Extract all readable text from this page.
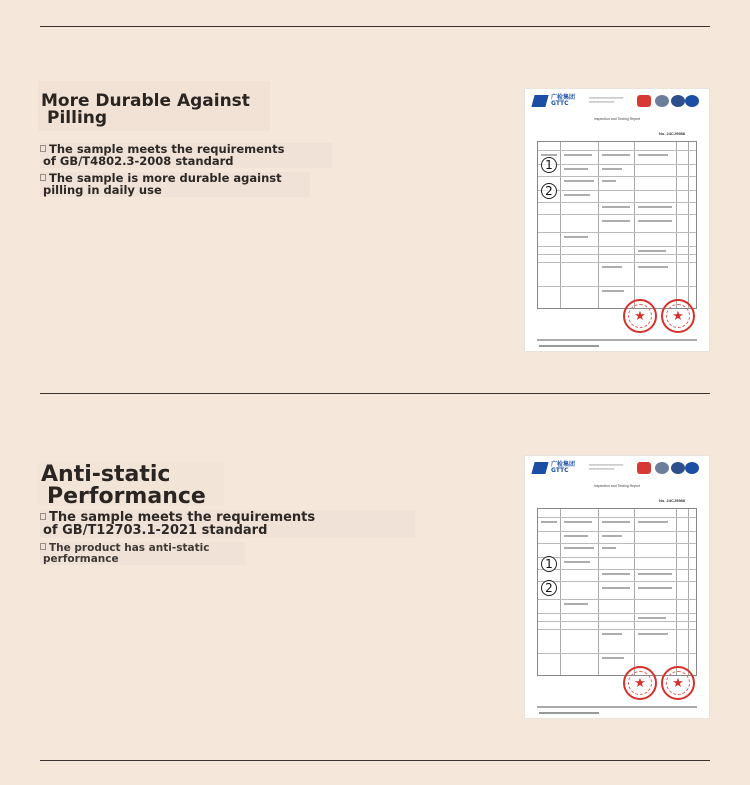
More Durable Against
Pilling
The sample meets the requirements
of GB/T4802.3-2008 standard
The sample is more durable against
pilling in daily use
广检集团
GTTC
━━━━━━━━━━━━━━━━━━━
━━━━━━━━━━━━━━
Inspection and Testing Report
No. 24CJ9988
1
2
★	★
Anti-static
Performance
The sample meets the requirements
of GB/T12703.1-2021 standard
The product has anti-static
performance
广检集团
GTTC
━━━━━━━━━━━━━━━━━━━
━━━━━━━━━━━━━━
Inspection and Testing Report
No. 24CJ9988
1
2
★	★
